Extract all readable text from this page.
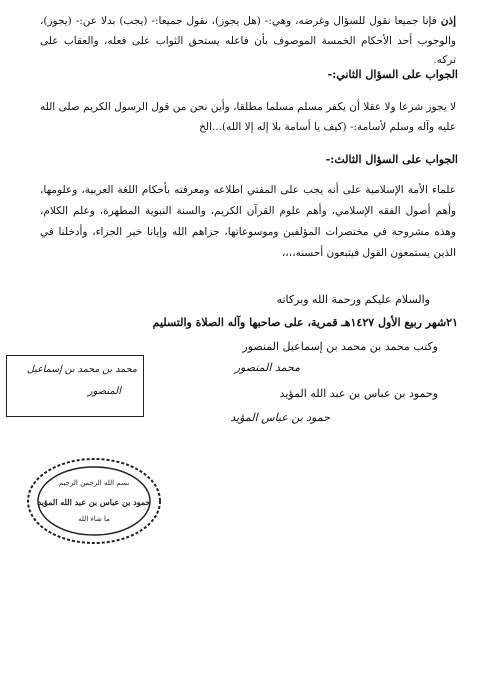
إذن فإنا جميعا نقول للسؤال وغرضه، وهي:- (هل يجوز)، نقول جميعا:- (يجب) بدلا عن:- (يجوز)، والوجوب أحد الأحكام الخمسة الموصوف بأن فاعله يستحق الثواب على فعله، والعقاب على تركه.
الجواب على السؤال الثاني:-
لا يجوز شرعا ولا عقلا أن يكفر مسلم مسلما مطلقا، وأين نحن من قول الرسول الكريم صلى الله عليه وآله وسلم لأسامة:- (كيف يا أسامة بلا إله إلا الله)...الخ
الجواب على السؤال الثالث:-
علماء الأمة الإسلامية على أنه يجب على المفتي اطلاعه ومعرفته بأحكام اللغة العربية، وعلومها، وأهم أصول الفقه الإسلامي، وأهم علوم القرآن الكريم، والسنة النبوية المطهرة، وعلم الكلام، وهذه مشروحة في مختصرات المؤلفين وموسوعاتها، جزاهم الله وإيانا خير الجزاء، وأدخلنا في الذين يستمعون القول فيتبعون أحسنه،،،،
والسلام عليكم ورحمة الله وبركاته
٢١شهر ربيع الأول ١٤٢٧هـ قمرية، على صاحبها وآله الصلاة والتسليم
وكتب محمد بن محمد بن إسماعيل المنصور
محمد المنصور
وحمود بن عباس بن عبد الله المؤيد
حمود بن عباس المؤيد
محمد بن محمد بن إسماعيل
المنصور
بسم الله الرحمن الرحيم
حمود بن عباس بن عبد الله المؤيد
ما شاء الله
